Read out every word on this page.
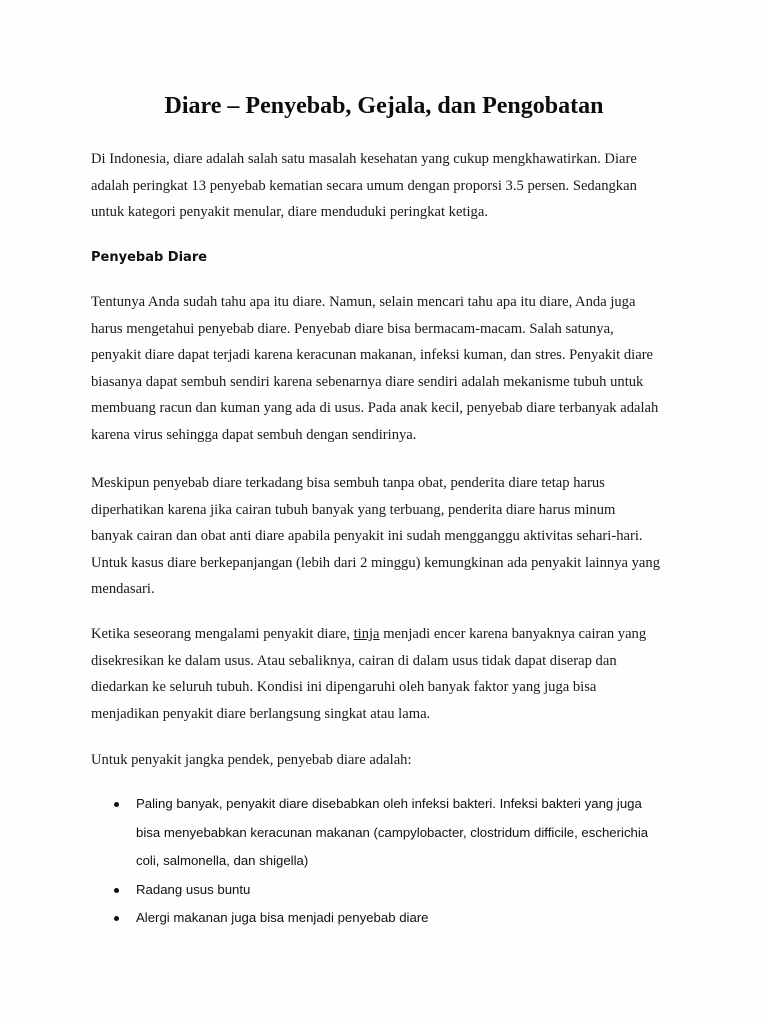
Diare – Penyebab, Gejala, dan Pengobatan

Di Indonesia, diare adalah salah satu masalah kesehatan yang cukup mengkhawatirkan. Diare
adalah peringkat 13 penyebab kematian secara umum dengan proporsi 3.5 persen. Sedangkan
untuk kategori penyakit menular, diare menduduki peringkat ketiga.

Penyebab Diare

Tentunya Anda sudah tahu apa itu diare. Namun, selain mencari tahu apa itu diare, Anda juga
harus mengetahui penyebab diare. Penyebab diare bisa bermacam-macam. Salah satunya,
penyakit diare dapat terjadi karena keracunan makanan, infeksi kuman, dan stres. Penyakit diare
biasanya dapat sembuh sendiri karena sebenarnya diare sendiri adalah mekanisme tubuh untuk
membuang racun dan kuman yang ada di usus. Pada anak kecil, penyebab diare terbanyak adalah
karena virus sehingga dapat sembuh dengan sendirinya.

Meskipun penyebab diare terkadang bisa sembuh tanpa obat, penderita diare tetap harus
diperhatikan karena jika cairan tubuh banyak yang terbuang, penderita diare harus minum
banyak cairan dan obat anti diare apabila penyakit ini sudah mengganggu aktivitas sehari-hari.
Untuk kasus diare berkepanjangan (lebih dari 2 minggu) kemungkinan ada penyakit lainnya yang
mendasari.

Ketika seseorang mengalami penyakit diare, tinja menjadi encer karena banyaknya cairan yang
disekresikan ke dalam usus. Atau sebaliknya, cairan di dalam usus tidak dapat diserap dan
diedarkan ke seluruh tubuh. Kondisi ini dipengaruhi oleh banyak faktor yang juga bisa
menjadikan penyakit diare berlangsung singkat atau lama.

Untuk penyakit jangka pendek, penyebab diare adalah:

Paling banyak, penyakit diare disebabkan oleh infeksi bakteri. Infeksi bakteri yang juga
bisa menyebabkan keracunan makanan (campylobacter, clostridum difficile, escherichia
coli, salmonella, dan shigella)
Radang usus buntu
Alergi makanan juga bisa menjadi penyebab diare
